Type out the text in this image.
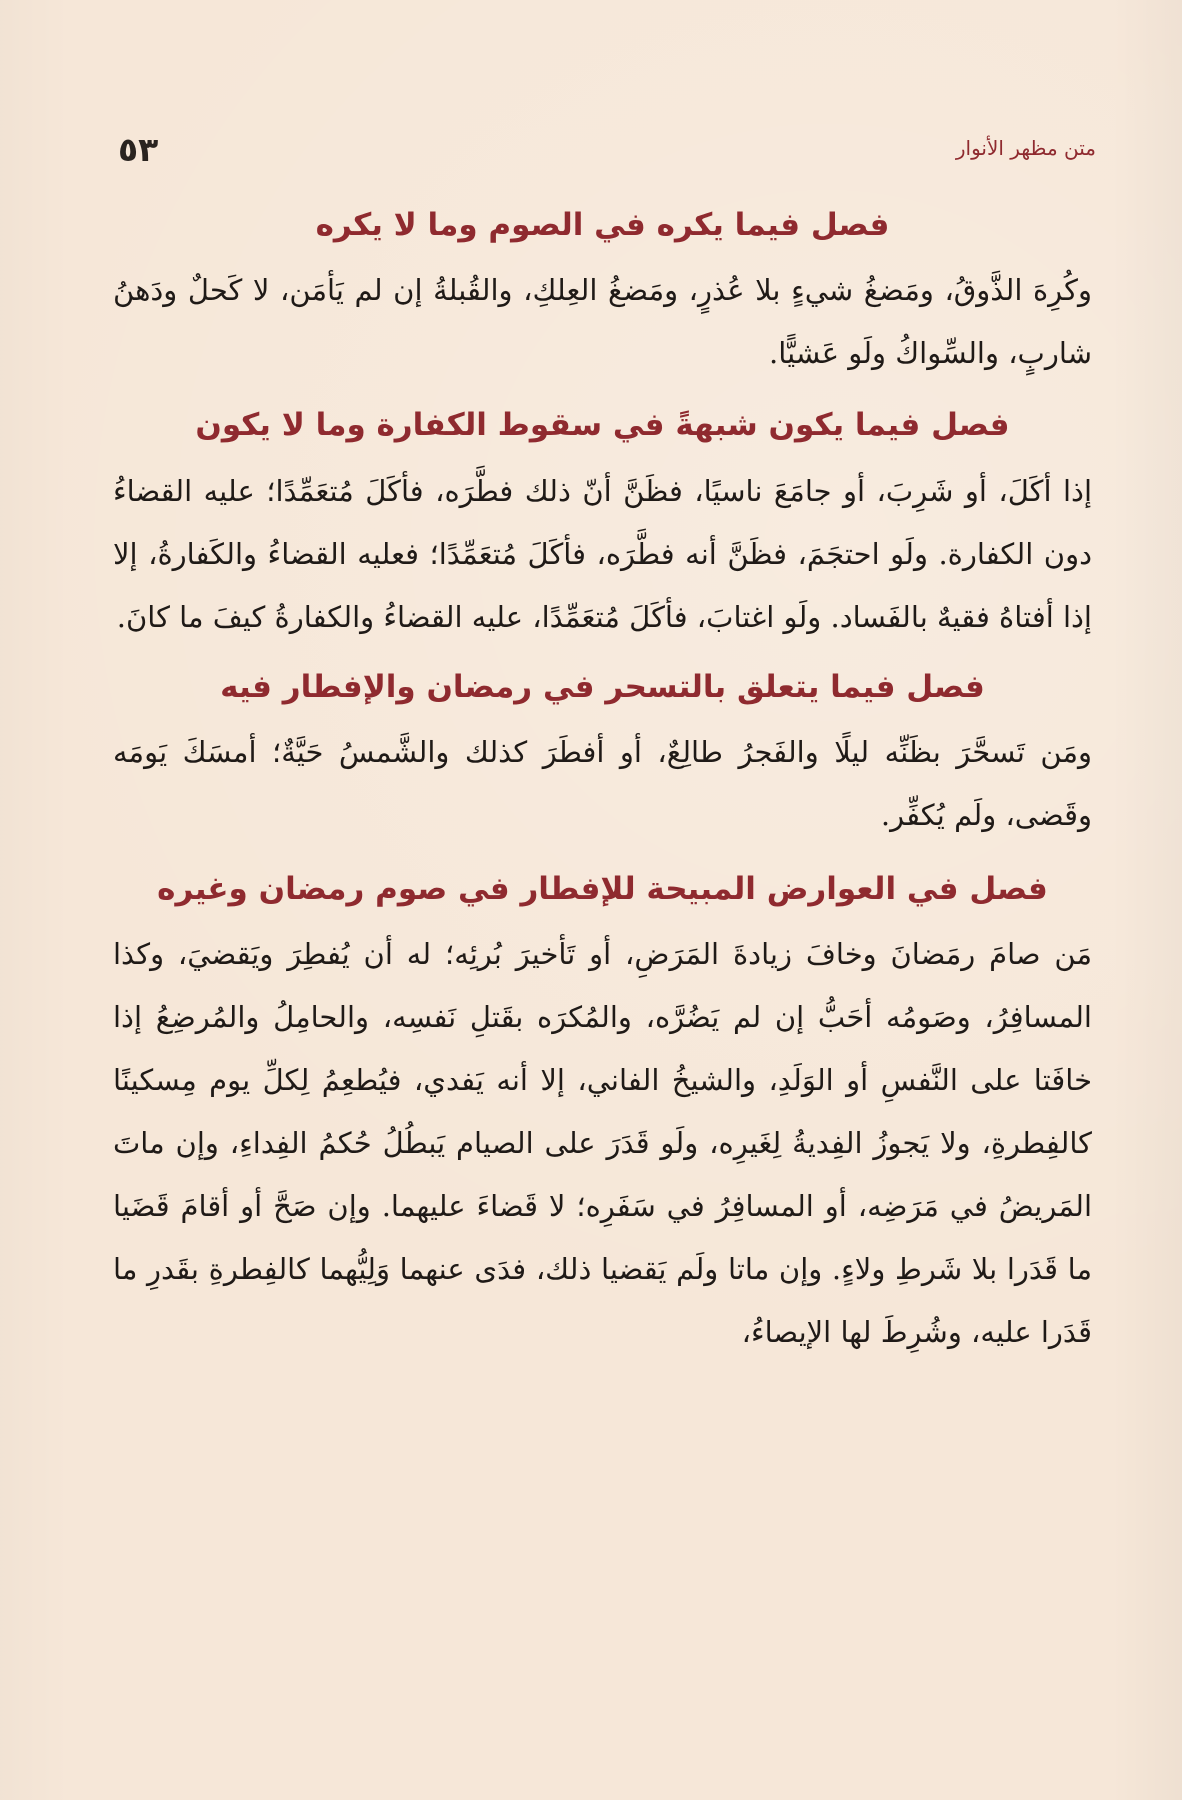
متن مظهر الأنوار
٥٣
فصل فيما يكره في الصوم وما لا يكره

وكُرِهَ الذَّوقُ، ومَضغُ شيءٍ بلا عُذرٍ، ومَضغُ العِلكِ، والقُبلةُ إن لم يَأمَن، لا كَحلٌ ودَهنُ شاربٍ، والسِّواكُ ولَو عَشيًّا.

فصل فيما يكون شبهةً في سقوط الكفارة وما لا يكون

إذا أكَلَ، أو شَرِبَ، أو جامَعَ ناسيًا، فظَنَّ أنّ ذلك فطَّرَه، فأكَلَ مُتعَمِّدًا؛ عليه القضاءُ دون الكفارة. ولَو احتجَمَ، فظَنَّ أنه فطَّرَه، فأكَلَ مُتعَمِّدًا؛ فعليه القضاءُ والكَفارةُ، إلا إذا أفتاهُ فقيهٌ بالفَساد. ولَو اغتابَ، فأكَلَ مُتعَمِّدًا، عليه القضاءُ والكفارةُ كيفَ ما كانَ.

فصل فيما يتعلق بالتسحر في رمضان والإفطار فيه

ومَن تَسحَّرَ بظَنِّه ليلًا والفَجرُ طالِعٌ، أو أفطَرَ كذلك والشَّمسُ حَيَّةٌ؛ أمسَكَ يَومَه وقَضى، ولَم يُكفِّر.

فصل في العوارض المبيحة للإفطار في صوم رمضان وغيره

مَن صامَ رمَضانَ وخافَ زيادةَ المَرَضِ، أو تَأخيرَ بُرئِه؛ له أن يُفطِرَ ويَقضيَ، وكذا المسافِرُ، وصَومُه أحَبُّ إن لم يَضُرَّه، والمُكرَه بقَتلِ نَفسِه، والحامِلُ والمُرضِعُ إذا خافَتا على النَّفسِ أو الوَلَدِ، والشيخُ الفاني، إلا أنه يَفدي، فيُطعِمُ لِكلِّ يوم مِسكينًا كالفِطرةِ، ولا يَجوزُ الفِديةُ لِغَيرِه، ولَو قَدَرَ على الصيام يَبطُلُ حُكمُ الفِداءِ، وإن ماتَ المَريضُ في مَرَضِه، أو المسافِرُ في سَفَرِه؛ لا قَضاءَ عليهما. وإن صَحَّ أو أقامَ قَضَيا ما قَدَرا بلا شَرطِ ولاءٍ. وإن ماتا ولَم يَقضيا ذلك، فدَى عنهما وَلِيُّهما كالفِطرةِ بقَدرِ ما قَدَرا عليه، وشُرِطَ لها الإيصاءُ،
